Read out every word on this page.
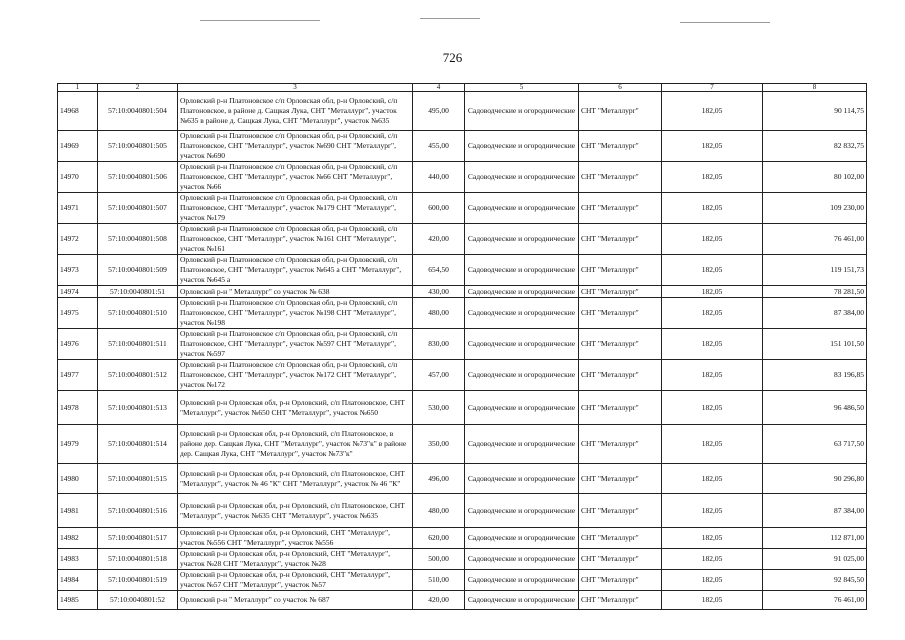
726
1	2	3	4	5	6	7	8
14968	57:10:0040801:504	Орловский р-н Платоновское с/п Орловская обл, р-н Орловский, с/п Платоновское, в районе д. Сащкая Лука, СНТ "Металлург", участок №635 в районе д. Сащкая Лука, СНТ "Металлург", участок №635	495,00	Садоводческие и огороднические	СНТ "Металлург"	182,05	90 114,75
14969	57:10:0040801:505	Орловский р-н Платоновское с/п Орловская обл, р-н Орловский, с/п Платоновское, СНТ "Металлург", участок №690 СНТ "Металлург", участок №690	455,00	Садоводческие и огороднические	СНТ "Металлург"	182,05	82 832,75
14970	57:10:0040801:506	Орловский р-н Платоновское с/п Орловская обл, р-н Орловский, с/п Платоновское, СНТ "Металлург", участок №66 СНТ "Металлург", участок №66	440,00	Садоводческие и огороднические	СНТ "Металлург"	182,05	80 102,00
14971	57:10:0040801:507	Орловский р-н Платоновское с/п Орловская обл, р-н Орловский, с/п Платоновское, СНТ "Металлург", участок №179 СНТ "Металлург", участок №179	600,00	Садоводческие и огороднические	СНТ "Металлург"	182,05	109 230,00
14972	57:10:0040801:508	Орловский р-н Платоновское с/п Орловская обл, р-н Орловский, с/п Платоновское, СНТ "Металлург", участок №161 СНТ "Металлург", участок №161	420,00	Садоводческие и огороднические	СНТ "Металлург"	182,05	76 461,00
14973	57:10:0040801:509	Орловский р-н Платоновское с/п Орловская обл, р-н Орловский, с/п Платоновское, СНТ "Металлург", участок №645 а СНТ "Металлург", участок №645 а	654,50	Садоводческие и огороднические	СНТ "Металлург"	182,05	119 151,73
14974	57:10:0040801:51	Орловский р-н " Металлург" со участок № 638	430,00	Садоводческие и огороднические	СНТ "Металлург"	182,05	78 281,50
14975	57:10:0040801:510	Орловский р-н Платоновское с/п Орловская обл, р-н Орловский, с/п Платоновское, СНТ "Металлург", участок №198 СНТ "Металлург", участок №198	480,00	Садоводческие и огороднические	СНТ "Металлург"	182,05	87 384,00
14976	57:10:0040801:511	Орловский р-н Платоновское с/п Орловская обл, р-н Орловский, с/п Платоновское, СНТ "Металлург", участок №597 СНТ "Металлург", участок №597	830,00	Садоводческие и огороднические	СНТ "Металлург"	182,05	151 101,50
14977	57:10:0040801:512	Орловский р-н Платоновское с/п Орловская обл, р-н Орловский, с/п Платоновское, СНТ "Металлург", участок №172 СНТ "Металлург", участок №172	457,00	Садоводческие и огороднические	СНТ "Металлург"	182,05	83 196,85
14978	57:10:0040801:513	Орловский р-н Орловская обл, р-н Орловский, с/п Платоновское, СНТ "Металлург", участок №650 СНТ "Металлург", участок №650	530,00	Садоводческие и огороднические	СНТ "Металлург"	182,05	96 486,50
14979	57:10:0040801:514	Орловский р-н Орловская обл, р-н Орловский, с/п Платоновское, в районе дер. Сащкая Лука, СНТ "Металлург", участок №73"к" в районе дер. Сащкая Лука, СНТ "Металлург", участок №73"к"	350,00	Садоводческие и огороднические	СНТ "Металлург"	182,05	63 717,50
14980	57:10:0040801:515	Орловский р-н Орловская обл, р-н Орловский, с/п Платоновское, СНТ "Металлург", участок № 46 "К" СНТ "Металлург", участок № 46 "К"	496,00	Садоводческие и огороднические	СНТ "Металлург"	182,05	90 296,80
14981	57:10:0040801:516	Орловский р-н Орловская обл, р-н Орловский, с/п Платоновское, СНТ "Металлург", участок №635 СНТ "Металлург", участок №635	480,00	Садоводческие и огороднические	СНТ "Металлург"	182,05	87 384,00
14982	57:10:0040801:517	Орловский р-н Орловская обл, р-н Орловский, СНТ "Металлург", участок №556 СНТ "Металлург", участок №556	620,00	Садоводческие и огороднические	СНТ "Металлург"	182,05	112 871,00
14983	57:10:0040801:518	Орловский р-н Орловская обл, р-н Орловский, СНТ "Металлург", участок №28 СНТ "Металлург", участок №28	500,00	Садоводческие и огороднические	СНТ "Металлург"	182,05	91 025,00
14984	57:10:0040801:519	Орловский р-н Орловская обл, р-н Орловский, СНТ "Металлург", участок №57 СНТ "Металлург", участок №57	510,00	Садоводческие и огороднические	СНТ "Металлург"	182,05	92 845,50
14985	57:10:0040801:52	Орловский р-н " Металлург" со участок № 687	420,00	Садоводческие и огороднические	СНТ "Металлург"	182,05	76 461,00
